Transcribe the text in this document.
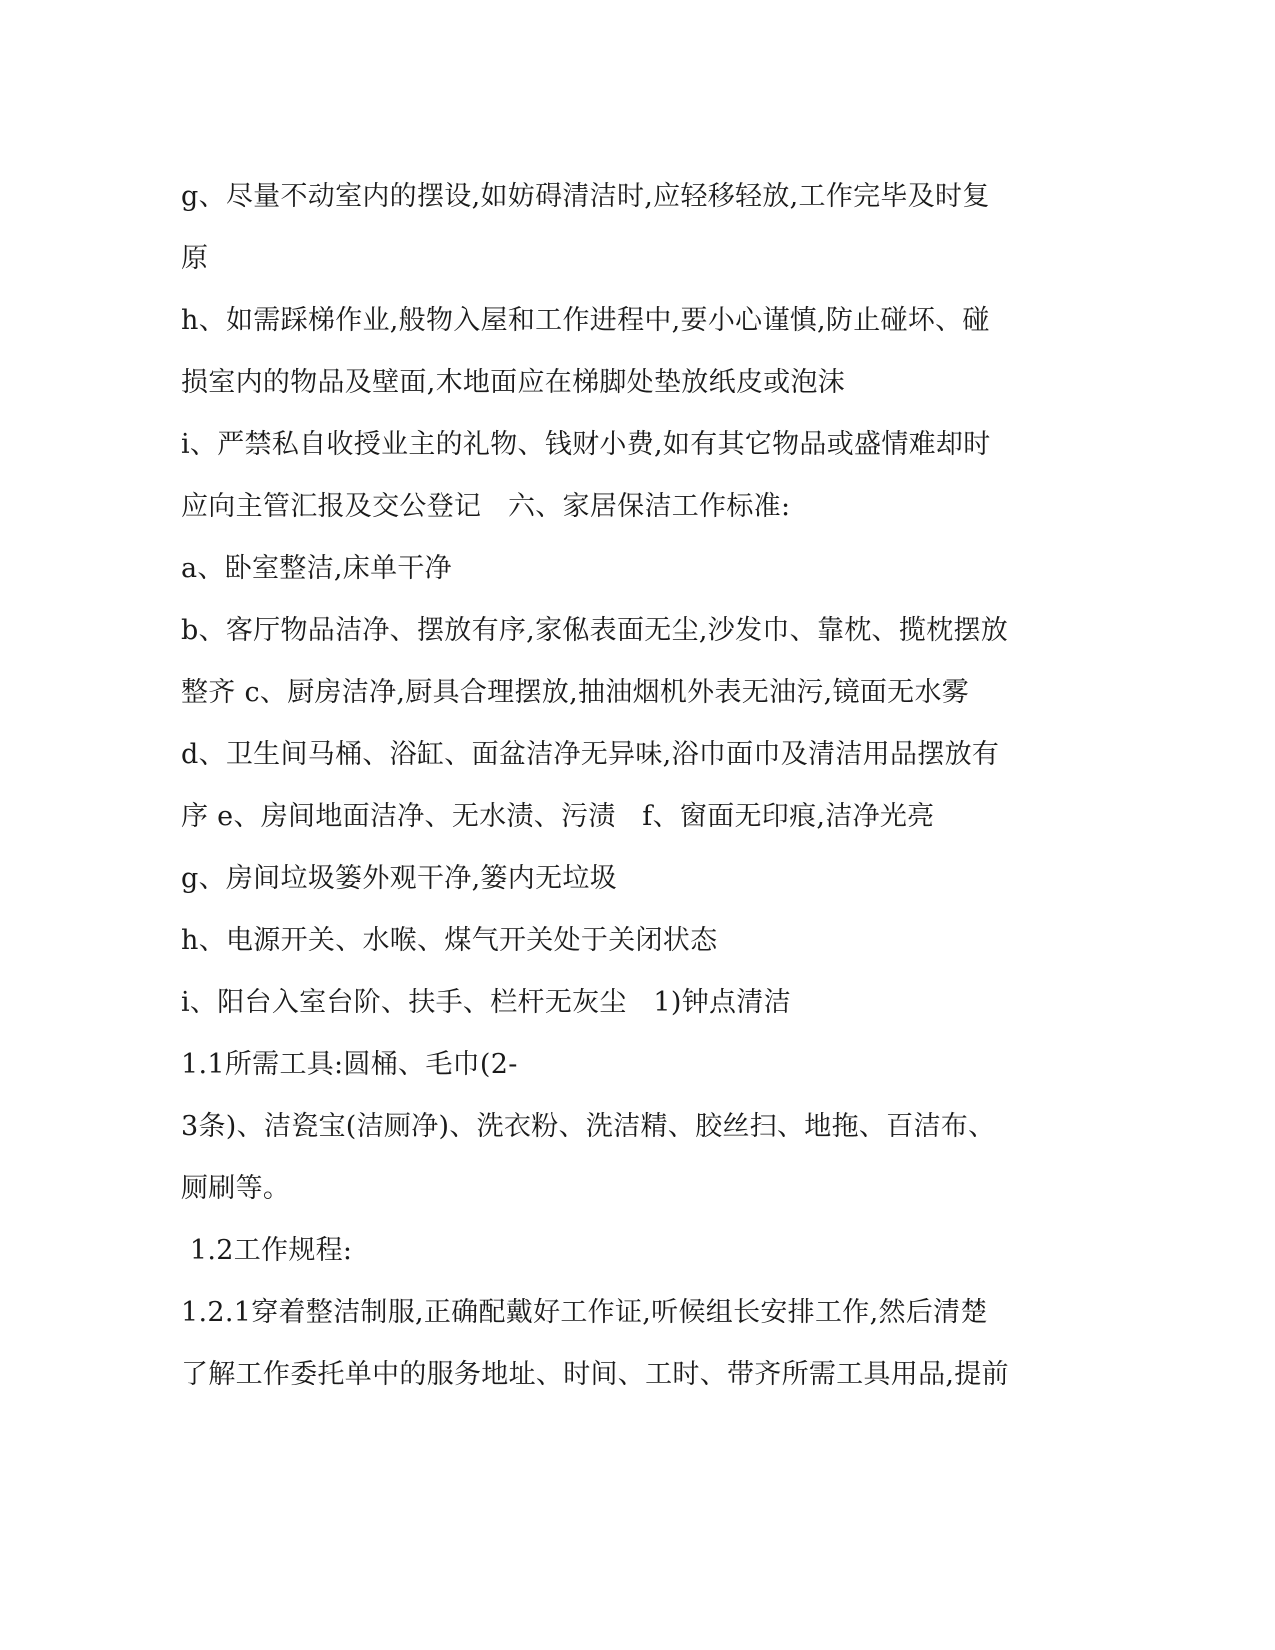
g、尽量不动室内的摆设,如妨碍清洁时,应轻移轻放,工作完毕及时复
原
h、如需踩梯作业,般物入屋和工作进程中,要小心谨慎,防止碰坏、碰
损室内的物品及壁面,木地面应在梯脚处垫放纸皮或泡沫
i、严禁私自收授业主的礼物、钱财小费,如有其它物品或盛情难却时
应向主管汇报及交公登记   六、家居保洁工作标准:
a、卧室整洁,床单干净
b、客厅物品洁净、摆放有序,家俬表面无尘,沙发巾、靠枕、揽枕摆放
整齐 c、厨房洁净,厨具合理摆放,抽油烟机外表无油污,镜面无水雾
d、卫生间马桶、浴缸、面盆洁净无异味,浴巾面巾及清洁用品摆放有
序 e、房间地面洁净、无水渍、污渍   f、窗面无印痕,洁净光亮
g、房间垃圾篓外观干净,篓内无垃圾
h、电源开关、水喉、煤气开关处于关闭状态
i、阳台入室台阶、扶手、栏杆无灰尘   1)钟点清洁
1.1所需工具:圆桶、毛巾(2-
3条)、洁瓷宝(洁厕净)、洗衣粉、洗洁精、胶丝扫、地拖、百洁布、
厕刷等。
1.2工作规程:
1.2.1穿着整洁制服,正确配戴好工作证,听候组长安排工作,然后清楚
了解工作委托单中的服务地址、时间、工时、带齐所需工具用品,提前
